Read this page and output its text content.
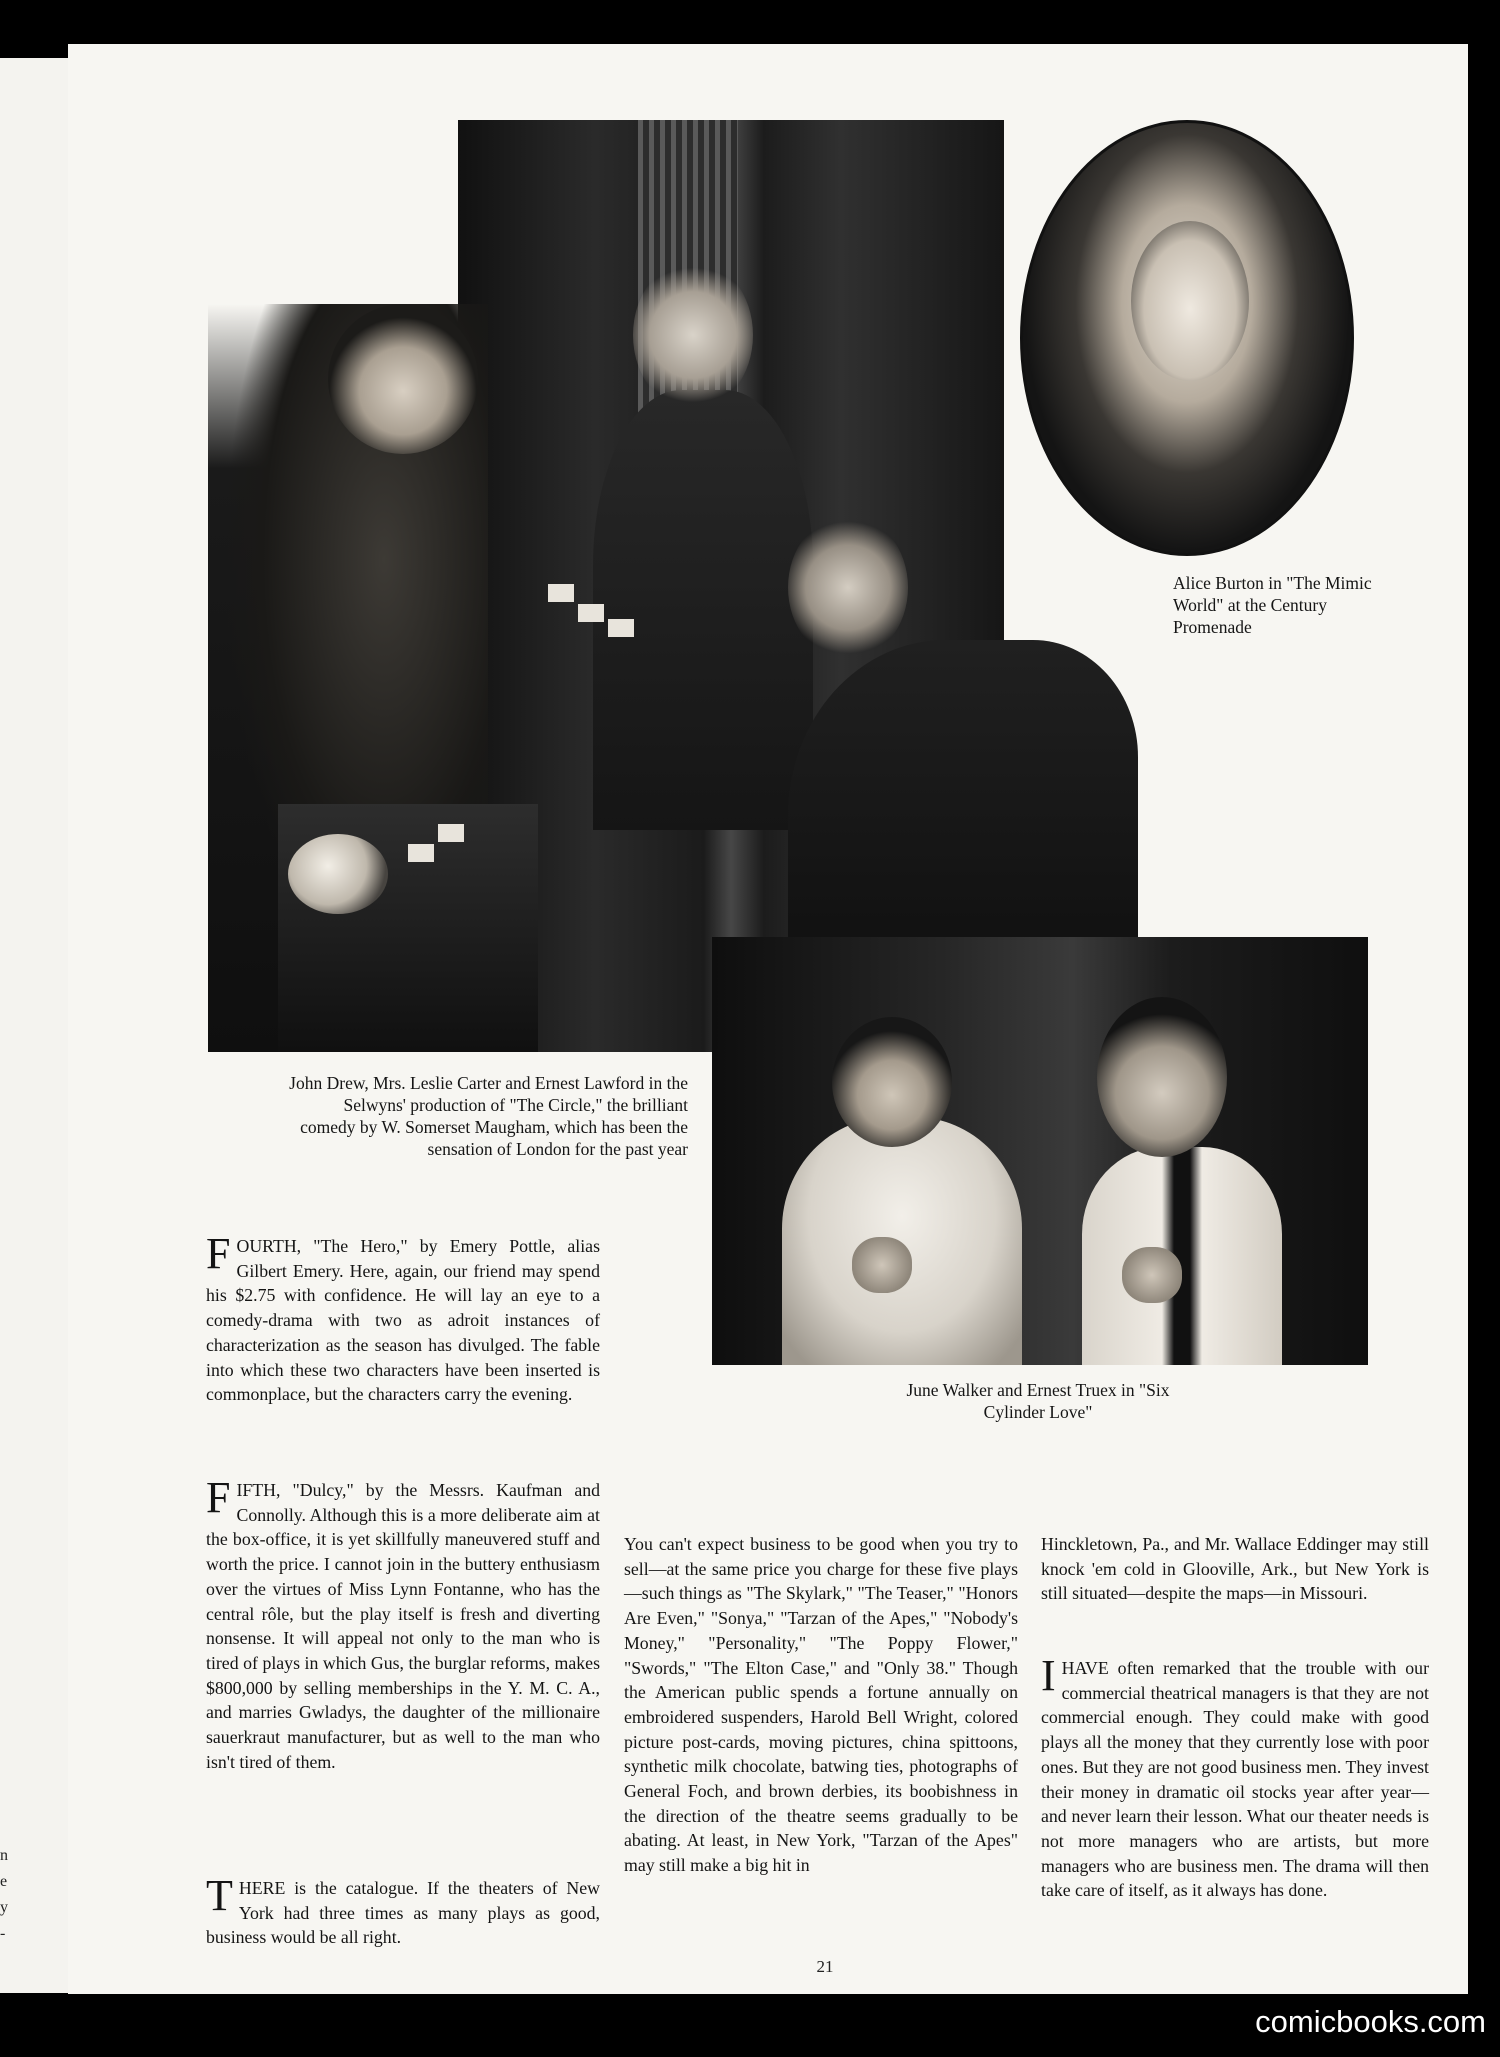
n e y -
Alice Burton in "The Mimic World" at the Century Promenade
John Drew, Mrs. Leslie Carter and Ernest Lawford in the Selwyns' production of "The Circle," the brilliant comedy by W. Somerset Maugham, which has been the sensation of London for the past year
June Walker and Ernest Truex in "Six Cylinder Love"
FOURTH, "The Hero," by Emery Pottle, alias Gilbert Emery. Here, again, our friend may spend his $2.75 with confidence. He will lay an eye to a comedy-drama with two as adroit instances of characterization as the season has divulged. The fable into which these two characters have been inserted is commonplace, but the characters carry the evening.
FIFTH, "Dulcy," by the Messrs. Kaufman and Connolly. Although this is a more deliberate aim at the box-office, it is yet skillfully maneuvered stuff and worth the price. I cannot join in the buttery enthusiasm over the virtues of Miss Lynn Fontanne, who has the central rôle, but the play itself is fresh and diverting nonsense. It will appeal not only to the man who is tired of plays in which Gus, the burglar reforms, makes $800,000 by selling memberships in the Y. M. C. A., and marries Gwladys, the daughter of the millionaire sauerkraut manufacturer, but as well to the man who isn't tired of them.
THERE is the catalogue. If the theaters of New York had three times as many plays as good, business would be all right.
You can't expect business to be good when you try to sell—at the same price you charge for these five plays—such things as "The Skylark," "The Teaser," "Honors Are Even," "Sonya," "Tarzan of the Apes," "Nobody's Money," "Personality," "The Poppy Flower," "Swords," "The Elton Case," and "Only 38." Though the American public spends a fortune annually on embroidered suspenders, Harold Bell Wright, colored picture post-cards, moving pictures, china spittoons, synthetic milk chocolate, batwing ties, photographs of General Foch, and brown derbies, its boobishness in the direction of the theatre seems gradually to be abating. At least, in New York, "Tarzan of the Apes" may still make a big hit in
Hinckletown, Pa., and Mr. Wallace Eddinger may still knock 'em cold in Glooville, Ark., but New York is still situated—despite the maps—in Missouri.
IHAVE often remarked that the trouble with our commercial theatrical managers is that they are not commercial enough. They could make with good plays all the money that they currently lose with poor ones. But they are not good business men. They invest their money in dramatic oil stocks year after year—and never learn their lesson. What our theater needs is not more managers who are artists, but more managers who are business men. The drama will then take care of itself, as it always has done.
21
comicbooks.com
